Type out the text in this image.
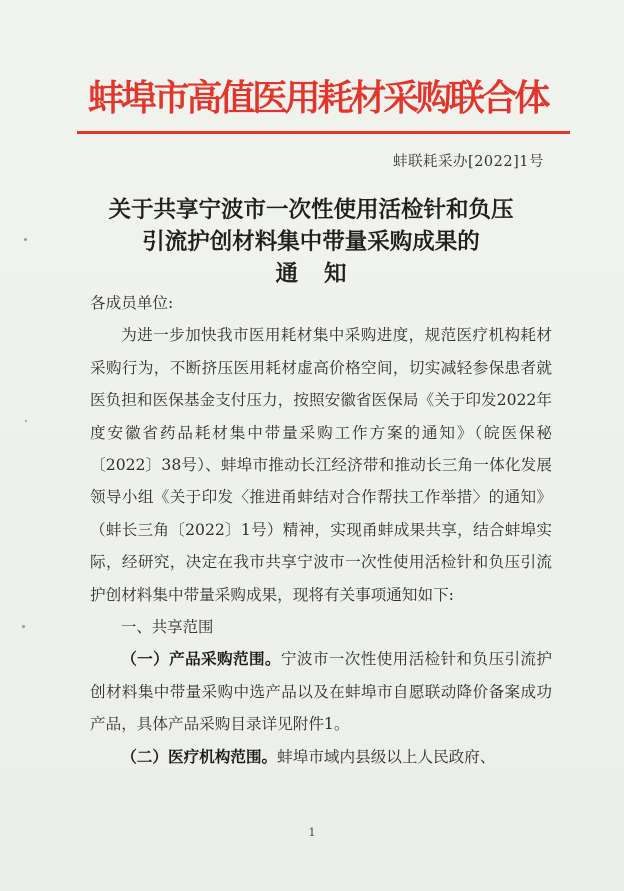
蚌埠市高值医用耗材采购联合体
蚌联耗采办[2022]1号
关于共享宁波市一次性使用活检针和负压
引流护创材料集中带量采购成果的
通知

各成员单位:

为进一步加快我市医用耗材集中采购进度，规范医疗机构耗材采购行为，不断挤压医用耗材虚高价格空间，切实减轻参保患者就医负担和医保基金支付压力，按照安徽省医保局《关于印发2022年度安徽省药品耗材集中带量采购工作方案的通知》（皖医保秘〔2022〕38号）、蚌埠市推动长江经济带和推动长三角一体化发展领导小组《关于印发〈推进甬蚌结对合作帮扶工作举措〉的通知》（蚌长三角〔2022〕1号）精神，实现甬蚌成果共享，结合蚌埠实际，经研究，决定在我市共享宁波市一次性使用活检针和负压引流护创材料集中带量采购成果，现将有关事项通知如下:

一、共享范围

（一）产品采购范围。宁波市一次性使用活检针和负压引流护创材料集中带量采购中选产品以及在蚌埠市自愿联动降价备案成功产品，具体产品采购目录详见附件1。

（二）医疗机构范围。蚌埠市域内县级以上人民政府、

1
